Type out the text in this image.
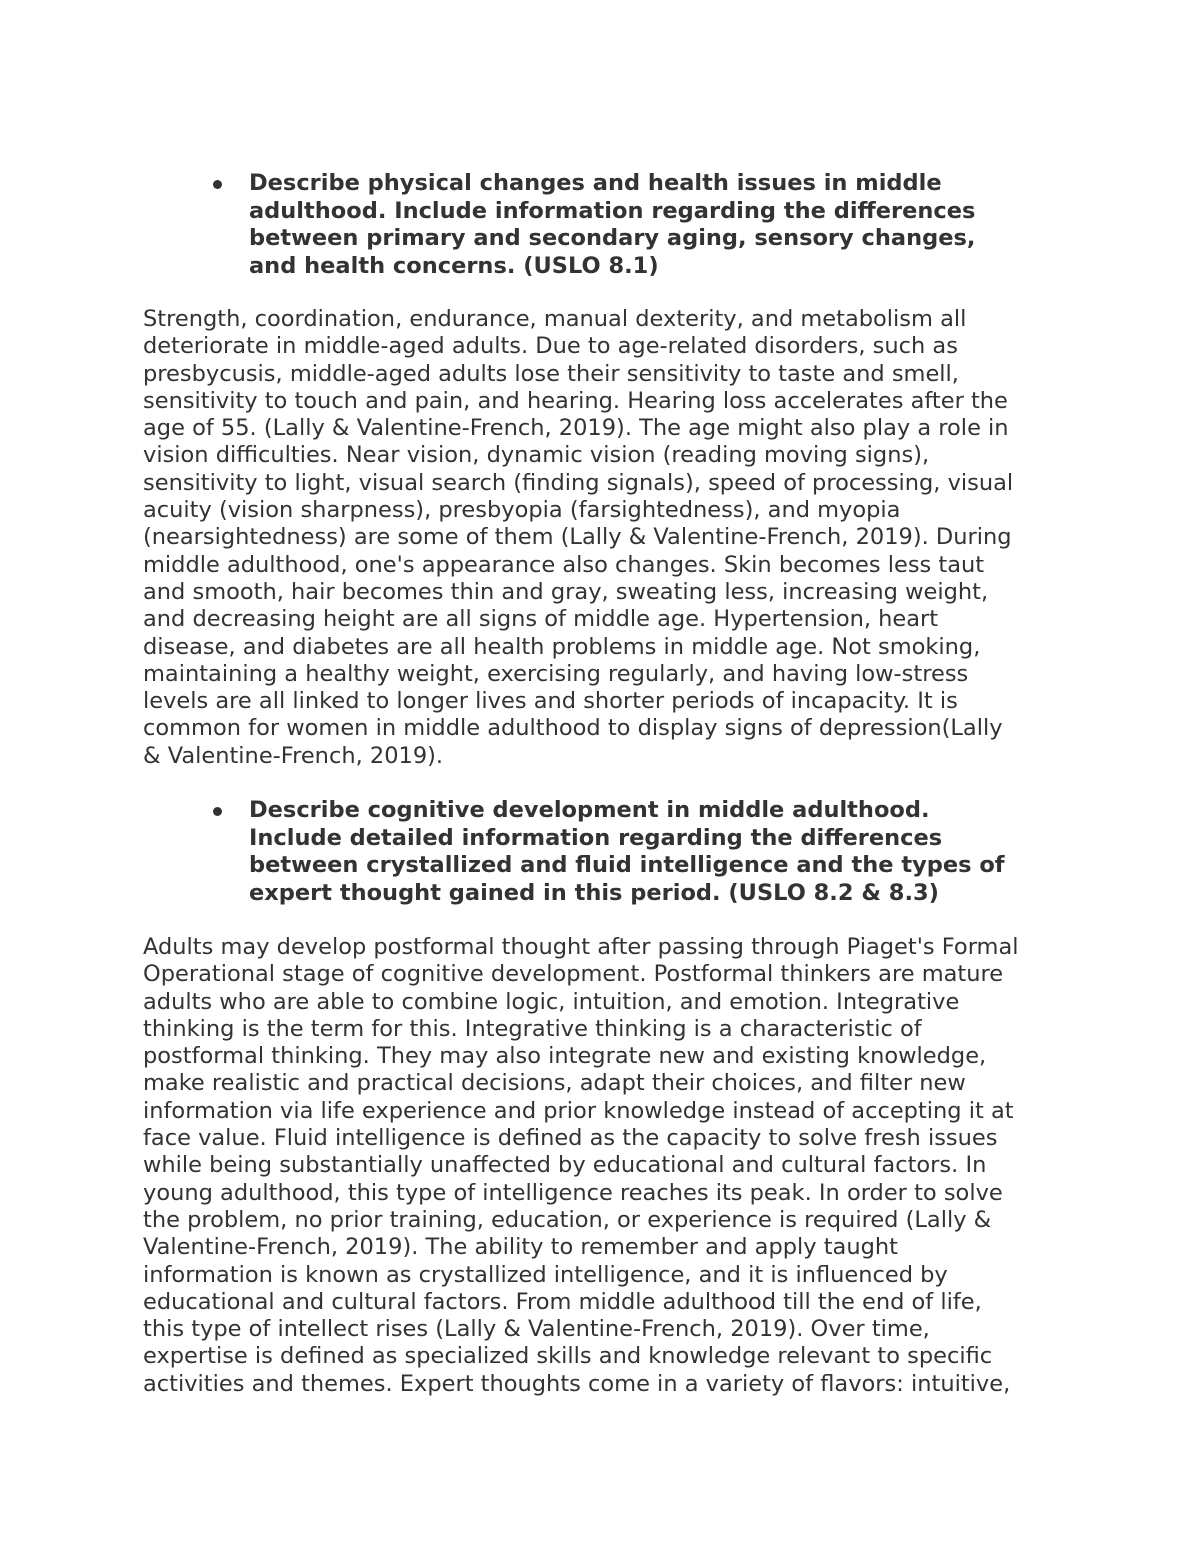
Describe physical changes and health issues in middle
adulthood. Include information regarding the differences
between primary and secondary aging, sensory changes,
and health concerns. (USLO 8.1)

Strength, coordination, endurance, manual dexterity, and metabolism all
deteriorate in middle-aged adults. Due to age-related disorders, such as
presbycusis, middle-aged adults lose their sensitivity to taste and smell,
sensitivity to touch and pain, and hearing. Hearing loss accelerates after the
age of 55. (Lally & Valentine-French, 2019). The age might also play a role in
vision difficulties. Near vision, dynamic vision (reading moving signs),
sensitivity to light, visual search (finding signals), speed of processing, visual
acuity (vision sharpness), presbyopia (farsightedness), and myopia
(nearsightedness) are some of them (Lally & Valentine-French, 2019). During
middle adulthood, one's appearance also changes. Skin becomes less taut
and smooth, hair becomes thin and gray, sweating less, increasing weight,
and decreasing height are all signs of middle age. Hypertension, heart
disease, and diabetes are all health problems in middle age. Not smoking,
maintaining a healthy weight, exercising regularly, and having low-stress
levels are all linked to longer lives and shorter periods of incapacity. It is
common for women in middle adulthood to display signs of depression(Lally
& Valentine-French, 2019).

Describe cognitive development in middle adulthood.
Include detailed information regarding the differences
between crystallized and fluid intelligence and the types of
expert thought gained in this period. (USLO 8.2 & 8.3)

Adults may develop postformal thought after passing through Piaget's Formal
Operational stage of cognitive development. Postformal thinkers are mature
adults who are able to combine logic, intuition, and emotion. Integrative
thinking is the term for this. Integrative thinking is a characteristic of
postformal thinking. They may also integrate new and existing knowledge,
make realistic and practical decisions, adapt their choices, and filter new
information via life experience and prior knowledge instead of accepting it at
face value. Fluid intelligence is defined as the capacity to solve fresh issues
while being substantially unaffected by educational and cultural factors. In
young adulthood, this type of intelligence reaches its peak. In order to solve
the problem, no prior training, education, or experience is required (Lally &
Valentine-French, 2019). The ability to remember and apply taught
information is known as crystallized intelligence, and it is influenced by
educational and cultural factors. From middle adulthood till the end of life,
this type of intellect rises (Lally & Valentine-French, 2019). Over time,
expertise is defined as specialized skills and knowledge relevant to specific
activities and themes. Expert thoughts come in a variety of flavors: intuitive,
